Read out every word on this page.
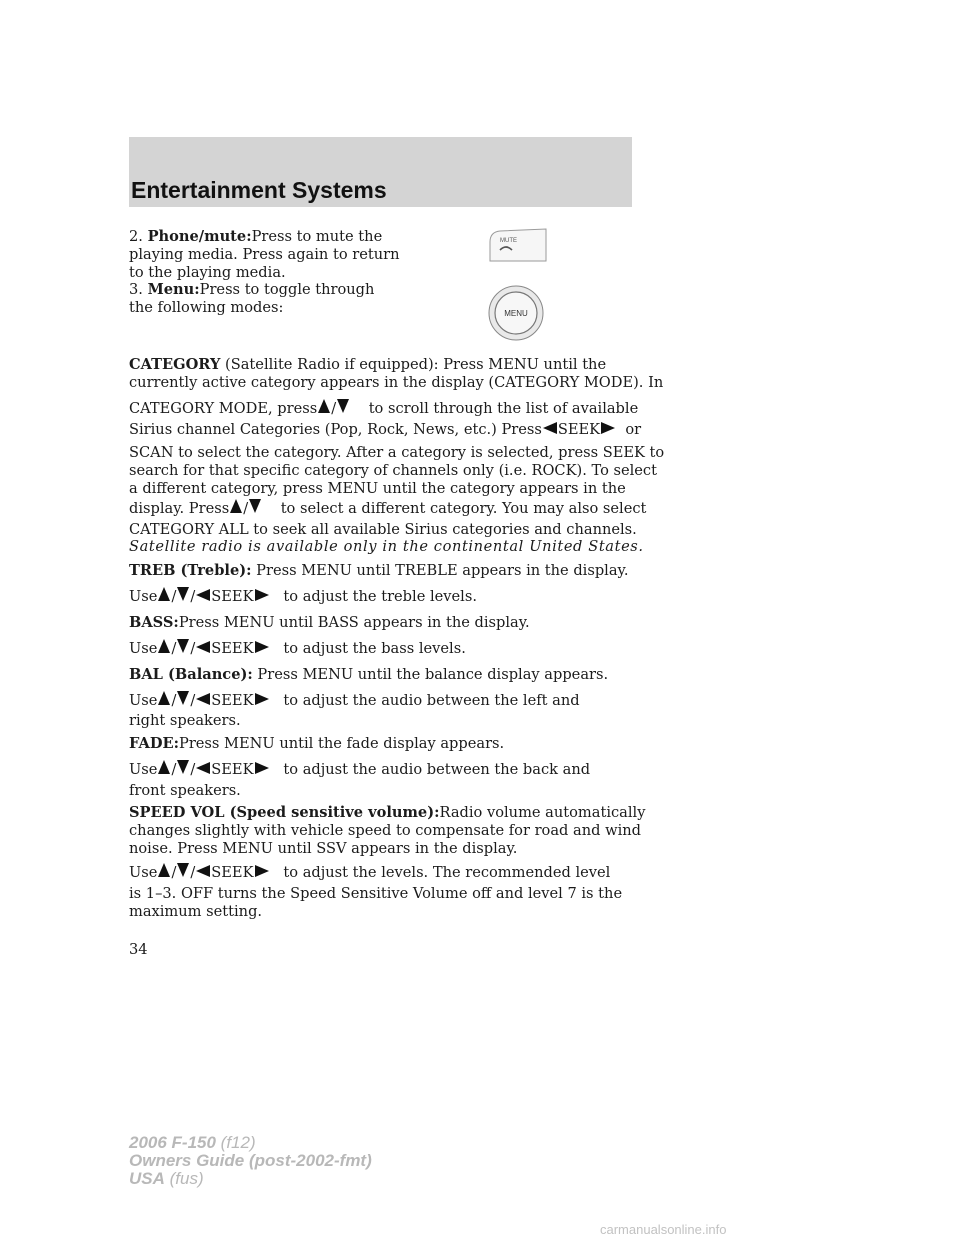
Entertainment Systems
MUTE
MENU
2. Phone/mute:Press to mute the
playing media. Press again to return
to the playing media.
3. Menu:Press to toggle through
the following modes:
CATEGORY (Satellite Radio if equipped): Press MENU until the
currently active category appears in the display (CATEGORY MODE). In
CATEGORY MODE, press / to scroll through the list of available
Sirius channel Categories (Pop, Rock, News, etc.) Press SEEK or
SCAN to select the category. After a category is selected, press SEEK to
search for that specific category of channels only (i.e. ROCK). To select
a different category, press MENU until the category appears in the
display. Press / to select a different category. You may also select
CATEGORY ALL to seek all available Sirius categories and channels.
Satellite radio is available only in the continental United States.
TREB (Treble): Press MENU until TREBLE appears in the display.
Use / / SEEK to adjust the treble levels.
BASS:Press MENU until BASS appears in the display.
Use / / SEEK to adjust the bass levels.
BAL (Balance): Press MENU until the balance display appears.
Use / / SEEK to adjust the audio between the left and
right speakers.
FADE:Press MENU until the fade display appears.
Use / / SEEK to adjust the audio between the back and
front speakers.
SPEED VOL (Speed sensitive volume):Radio volume automatically
changes slightly with vehicle speed to compensate for road and wind
noise. Press MENU until SSV appears in the display.
Use / / SEEK to adjust the levels. The recommended level
is 1–3. OFF turns the Speed Sensitive Volume off and level 7 is the
maximum setting.
34
2006 F-150 (f12)
Owners Guide (post-2002-fmt)
USA (fus)
carmanualsonline.info
